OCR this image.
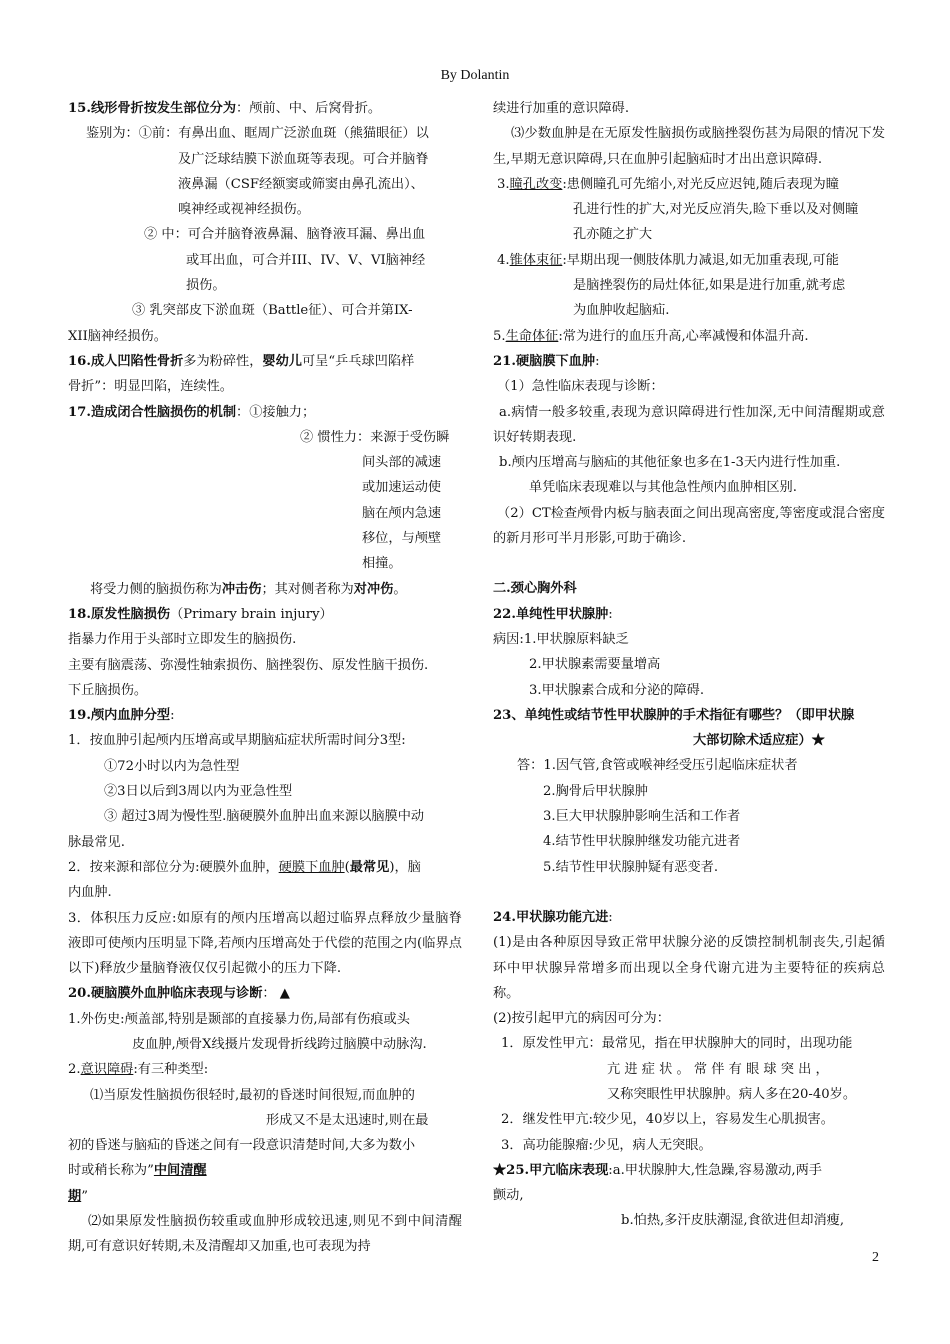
By Dolantin

15.线形骨折按发生部位分为：颅前、中、后窝骨折。

鉴别为：①前：有鼻出血、眶周广泛淤血斑（熊猫眼征）以

及广泛球结膜下淤血斑等表现。可合并脑脊

液鼻漏（CSF经额窦或筛窦由鼻孔流出）、

嗅神经或视神经损伤。

② 中：可合并脑脊液鼻漏、脑脊液耳漏、鼻出血

或耳出血，可合并III、IV、V、VI脑神经

损伤。

③ 乳突部皮下淤血斑（Battle征）、可合并第IX-

XII脑神经损伤。

16.成人凹陷性骨折多为粉碎性，婴幼儿可呈“乒乓球凹陷样

骨折”：明显凹陷，连续性。

17.造成闭合性脑损伤的机制：①接触力；

② 惯性力：来源于受伤瞬

间头部的减速

或加速运动使

脑在颅内急速

移位，与颅壁

相撞。

将受力侧的脑损伤称为冲击伤；其对侧者称为对冲伤。

18.原发性脑损伤（Primary brain injury）

指暴力作用于头部时立即发生的脑损伤.

主要有脑震荡、弥漫性轴索损伤、脑挫裂伤、原发性脑干损伤.

下丘脑损伤。

19.颅内血肿分型:

1．按血肿引起颅内压增高或早期脑疝症状所需时间分3型:

①72小时以内为急性型

②3日以后到3周以内为亚急性型

③ 超过3周为慢性型.脑硬膜外血肿出血来源以脑膜中动

脉最常见.

2．按来源和部位分为:硬膜外血肿，硬膜下血肿(最常见)，脑

内血肿.

3．体积压力反应:如原有的颅内压增高以超过临界点释放少量脑脊液即可使颅内压明显下降,若颅内压增高处于代偿的范围之内(临界点以下)释放少量脑脊液仅仅引起微小的压力下降.

20.硬脑膜外血肿临床表现与诊断： ▲

1.外伤史:颅盖部,特别是颞部的直接暴力伤,局部有伤痕或头

皮血肿,颅骨X线摄片发现骨折线跨过脑膜中动脉沟.

2.意识障碍:有三种类型:

⑴当原发性脑损伤很轻时,最初的昏迷时间很短,而血肿的

形成又不是太迅速时,则在最

初的昏迷与脑疝的昏迷之间有一段意识清楚时间,大多为数小

时或稍长称为”中间清醒

期”

⑵如果原发性脑损伤较重或血肿形成较迅速,则见不到中间清醒期,可有意识好转期,未及清醒却又加重,也可表现为持

续进行加重的意识障碍.

⑶少数血肿是在无原发性脑损伤或脑挫裂伤甚为局限的情况下发生,早期无意识障碍,只在血肿引起脑疝时才出出意识障碍.

3.瞳孔改变:患侧瞳孔可先缩小,对光反应迟钝,随后表现为瞳

孔进行性的扩大,对光反应消失,睑下垂以及对侧瞳

孔亦随之扩大

4.锥体束征:早期出现一侧肢体肌力减退,如无加重表现,可能

是脑挫裂伤的局灶体征,如果是进行加重,就考虑

为血肿收起脑疝.

5.生命体征:常为进行的血压升高,心率减慢和体温升高.

21.硬脑膜下血肿:

（1）急性临床表现与诊断：

a.病情一般多较重,表现为意识障碍进行性加深,无中间清醒期或意识好转期表现.

b.颅内压增高与脑疝的其他征象也多在1-3天内进行性加重.

单凭临床表现难以与其他急性颅内血肿相区别.

（2）CT检查颅骨内板与脑表面之间出现高密度,等密度或混合密度的新月形可半月形影,可助于确诊.

二.颈心胸外科

22.单纯性甲状腺肿:

病因:1.甲状腺原料缺乏

2.甲状腺素需要量增高

3.甲状腺素合成和分泌的障碍.

23、单纯性或结节性甲状腺肿的手术指征有哪些？（即甲状腺

大部切除术适应症）★

答：1.因气管,食管或喉神经受压引起临床症状者

2.胸骨后甲状腺肿

3.巨大甲状腺肿影响生活和工作者

4.结节性甲状腺肿继发功能亢进者

5.结节性甲状腺肿疑有恶变者.

24.甲状腺功能亢进:

(1)是由各种原因导致正常甲状腺分泌的反馈控制机制丧失,引起循环中甲状腺异常增多而出现以全身代谢亢进为主要特征的疾病总称。

(2)按引起甲亢的病因可分为：

1．原发性甲亢：最常见，指在甲状腺肿大的同时，出现功能

亢 进 症 状 。 常 伴 有 眼 球 突 出 ，

又称突眼性甲状腺肿。病人多在20-40岁。

2．继发性甲亢:较少见，40岁以上，容易发生心肌损害。

3．高功能腺瘤:少见，病人无突眼。

★25.甲亢临床表现:a.甲状腺肿大,性急躁,容易激动,两手

颤动,

b.怕热,多汗皮肤潮湿,食欲进但却消瘦,

2
